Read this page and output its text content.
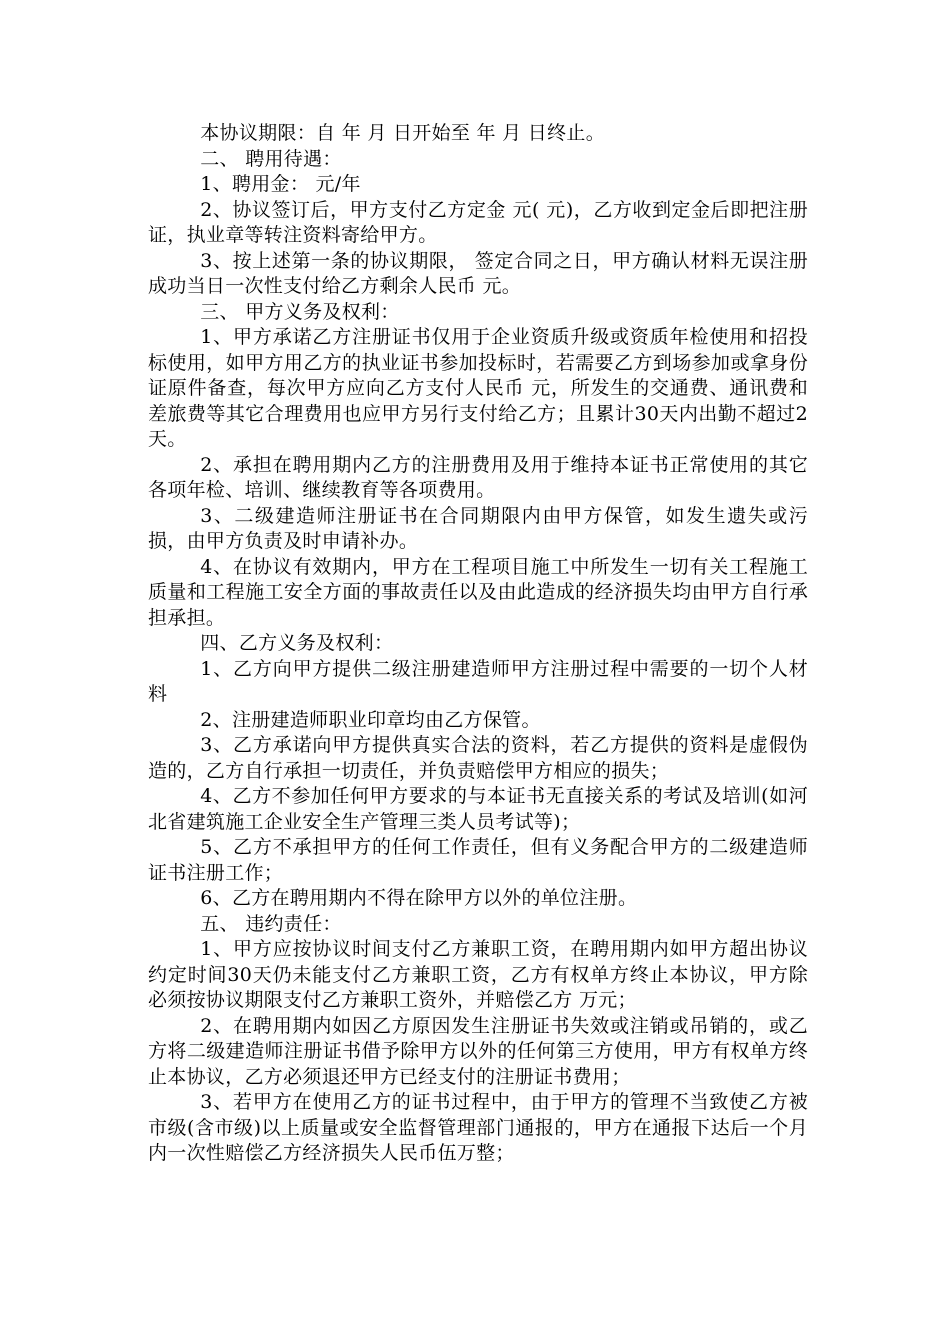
本协议期限：自 年 月 日开始至 年 月 日终止。

二、 聘用待遇：

1、聘用金： 元/年

2、协议签订后，甲方支付乙方定金 元( 元)，乙方收到定金后即把注册证，执业章等转注资料寄给甲方。

3、按上述第一条的协议期限， 签定合同之日，甲方确认材料无误注册成功当日一次性支付给乙方剩余人民币 元。

三、 甲方义务及权利：

1、甲方承诺乙方注册证书仅用于企业资质升级或资质年检使用和招投标使用，如甲方用乙方的执业证书参加投标时，若需要乙方到场参加或拿身份证原件备查，每次甲方应向乙方支付人民币 元，所发生的交通费、通讯费和差旅费等其它合理费用也应甲方另行支付给乙方；且累计30天内出勤不超过2天。

2、承担在聘用期内乙方的注册费用及用于维持本证书正常使用的其它各项年检、培训、继续教育等各项费用。

3、二级建造师注册证书在合同期限内由甲方保管，如发生遗失或污损，由甲方负责及时申请补办。

4、在协议有效期内，甲方在工程项目施工中所发生一切有关工程施工质量和工程施工安全方面的事故责任以及由此造成的经济损失均由甲方自行承担承担。

四、乙方义务及权利：

1、乙方向甲方提供二级注册建造师甲方注册过程中需要的一切个人材料

2、注册建造师职业印章均由乙方保管。

3、乙方承诺向甲方提供真实合法的资料，若乙方提供的资料是虚假伪造的，乙方自行承担一切责任，并负责赔偿甲方相应的损失；

4、乙方不参加任何甲方要求的与本证书无直接关系的考试及培训(如河北省建筑施工企业安全生产管理三类人员考试等)；

5、乙方不承担甲方的任何工作责任，但有义务配合甲方的二级建造师证书注册工作；

6、乙方在聘用期内不得在除甲方以外的单位注册。

五、 违约责任：

1、甲方应按协议时间支付乙方兼职工资，在聘用期内如甲方超出协议约定时间30天仍未能支付乙方兼职工资，乙方有权单方终止本协议，甲方除必须按协议期限支付乙方兼职工资外，并赔偿乙方 万元；

2、在聘用期内如因乙方原因发生注册证书失效或注销或吊销的，或乙方将二级建造师注册证书借予除甲方以外的任何第三方使用，甲方有权单方终止本协议，乙方必须退还甲方已经支付的注册证书费用；

3、若甲方在使用乙方的证书过程中，由于甲方的管理不当致使乙方被市级(含市级)以上质量或安全监督管理部门通报的，甲方在通报下达后一个月内一次性赔偿乙方经济损失人民币伍万整；
